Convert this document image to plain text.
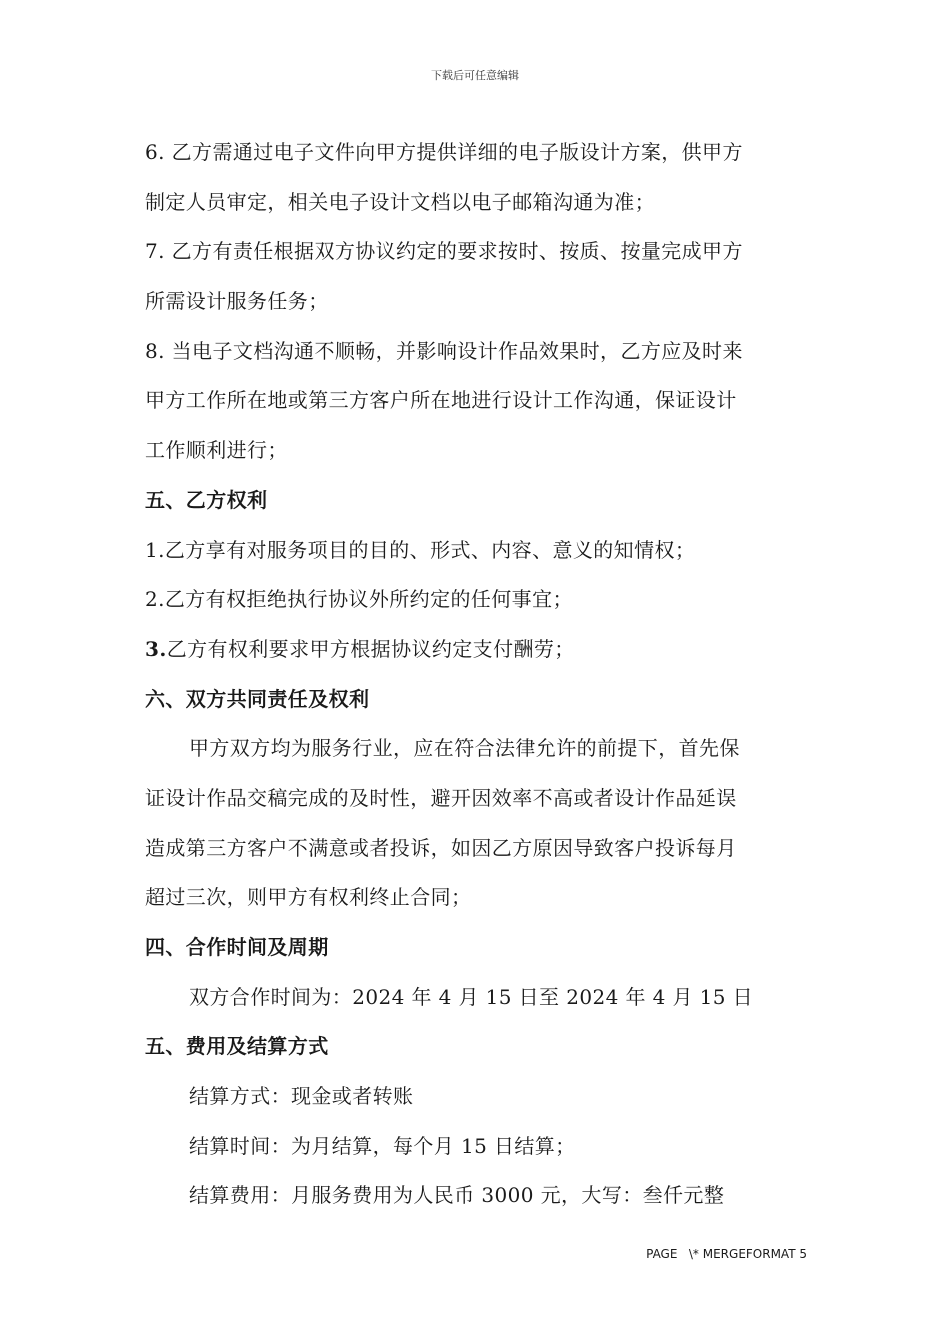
下载后可任意编辑
6. 乙方需通过电子文件向甲方提供详细的电子版设计方案，供甲方
制定人员审定，相关电子设计文档以电子邮箱沟通为准；
7. 乙方有责任根据双方协议约定的要求按时、按质、按量完成甲方
所需设计服务任务；
8. 当电子文档沟通不顺畅，并影响设计作品效果时，乙方应及时来
甲方工作所在地或第三方客户所在地进行设计工作沟通，保证设计
工作顺利进行；
五、乙方权利
1.乙方享有对服务项目的目的、形式、内容、意义的知情权；
2.乙方有权拒绝执行协议外所约定的任何事宜；
3.乙方有权利要求甲方根据协议约定支付酬劳；
六、双方共同责任及权利
甲方双方均为服务行业，应在符合法律允许的前提下，首先保
证设计作品交稿完成的及时性，避开因效率不高或者设计作品延误
造成第三方客户不满意或者投诉，如因乙方原因导致客户投诉每月
超过三次，则甲方有权利终止合同；
四、合作时间及周期
双方合作时间为：2024 年 4 月 15 日至 2024 年 4 月 15 日
五、费用及结算方式
结算方式：现金或者转账
结算时间：为月结算，每个月 15 日结算；
结算费用：月服务费用为人民币 3000 元，大写：叁仟元整
PAGE   \* MERGEFORMAT 5
